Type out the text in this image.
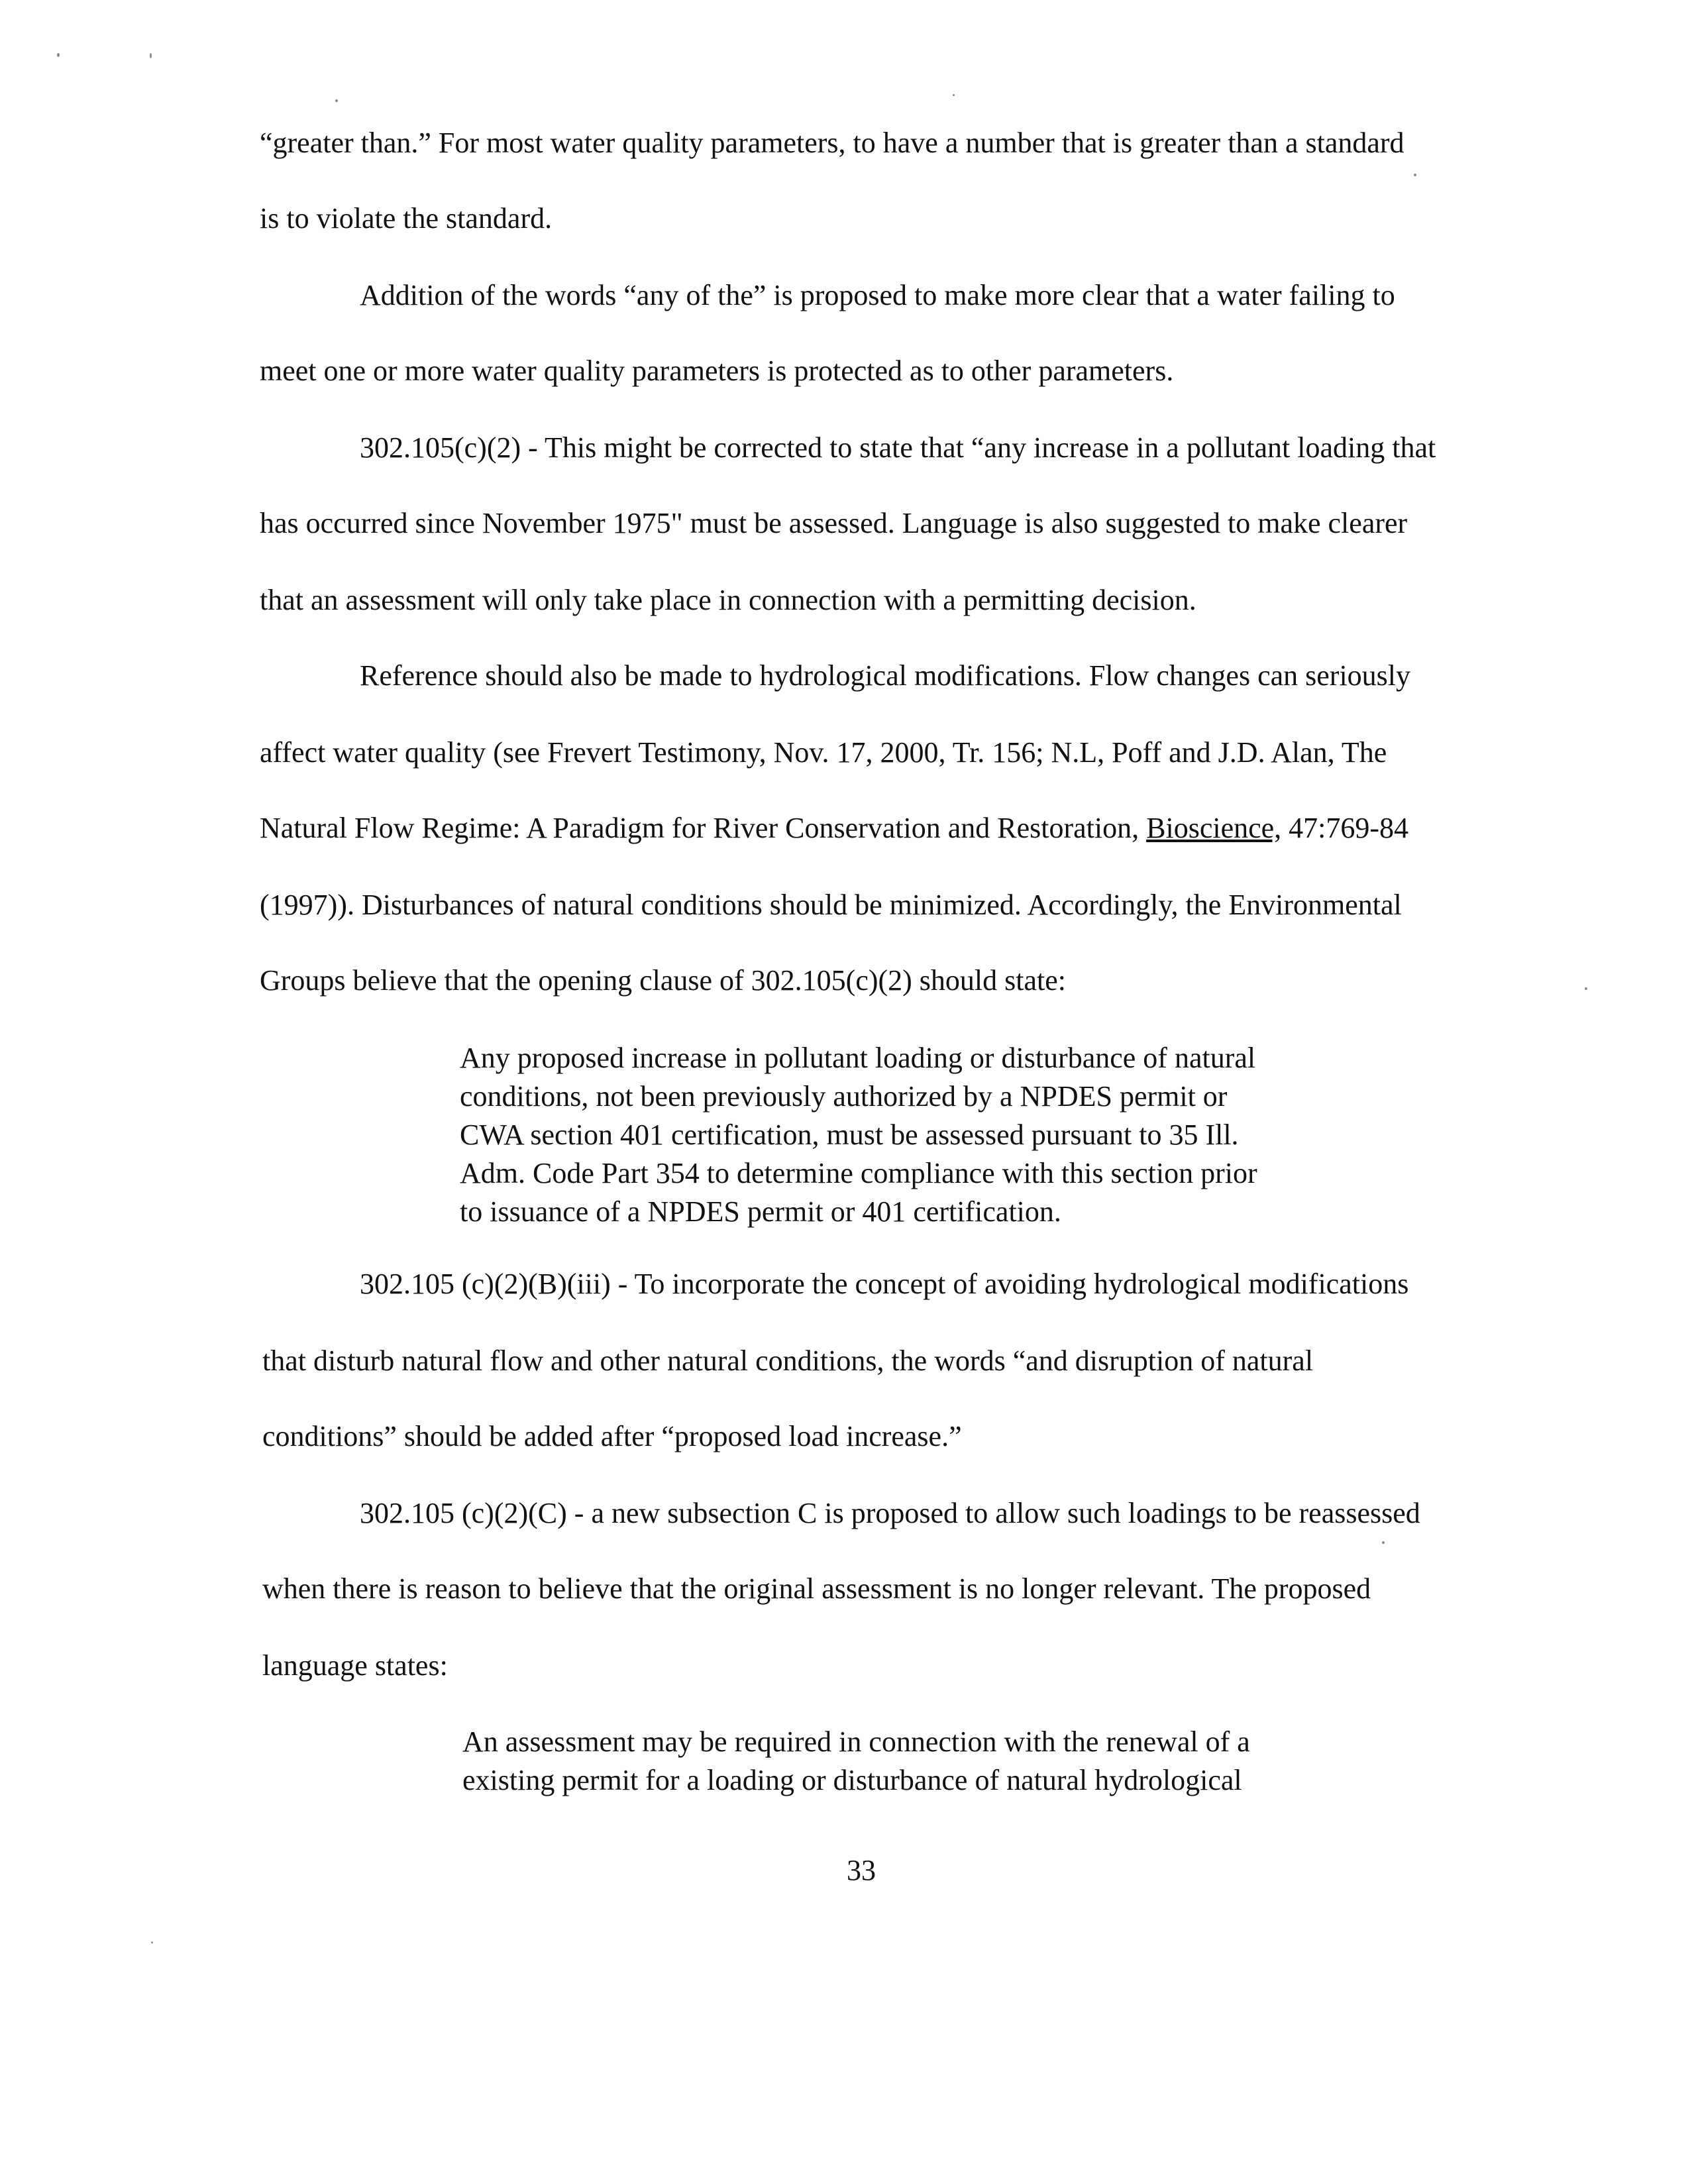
“greater than.” For most water quality parameters, to have a number that is greater than a standard

is to violate the standard.

Addition of the words “any of the” is proposed to make more clear that a water failing to

meet one or more water quality parameters is protected as to other parameters.

302.105(c)(2) - This might be corrected to state that “any increase in a pollutant loading that

has occurred since November 1975" must be assessed. Language is also suggested to make clearer

that an assessment will only take place in connection with a permitting decision.

Reference should also be made to hydrological modifications. Flow changes can seriously

affect water quality (see Frevert Testimony, Nov. 17, 2000, Tr. 156; N.L, Poff and J.D. Alan, The

Natural Flow Regime: A Paradigm for River Conservation and Restoration, Bioscience, 47:769-84

(1997)). Disturbances of natural conditions should be minimized. Accordingly, the Environmental

Groups believe that the opening clause of 302.105(c)(2) should state:

Any proposed increase in pollutant loading or disturbance of natural

conditions, not been previously authorized by a NPDES permit or

CWA section 401 certification, must be assessed pursuant to 35 Ill.

Adm. Code Part 354 to determine compliance with this section prior

to issuance of a NPDES permit or 401 certification.

302.105 (c)(2)(B)(iii) - To incorporate the concept of avoiding hydrological modifications

that disturb natural flow and other natural conditions, the words “and disruption of natural

conditions” should be added after “proposed load increase.”

302.105 (c)(2)(C) - a new subsection C is proposed to allow such loadings to be reassessed

when there is reason to believe that the original assessment is no longer relevant. The proposed

language states:

An assessment may be required in connection with the renewal of a

existing permit for a loading or disturbance of natural hydrological

33
